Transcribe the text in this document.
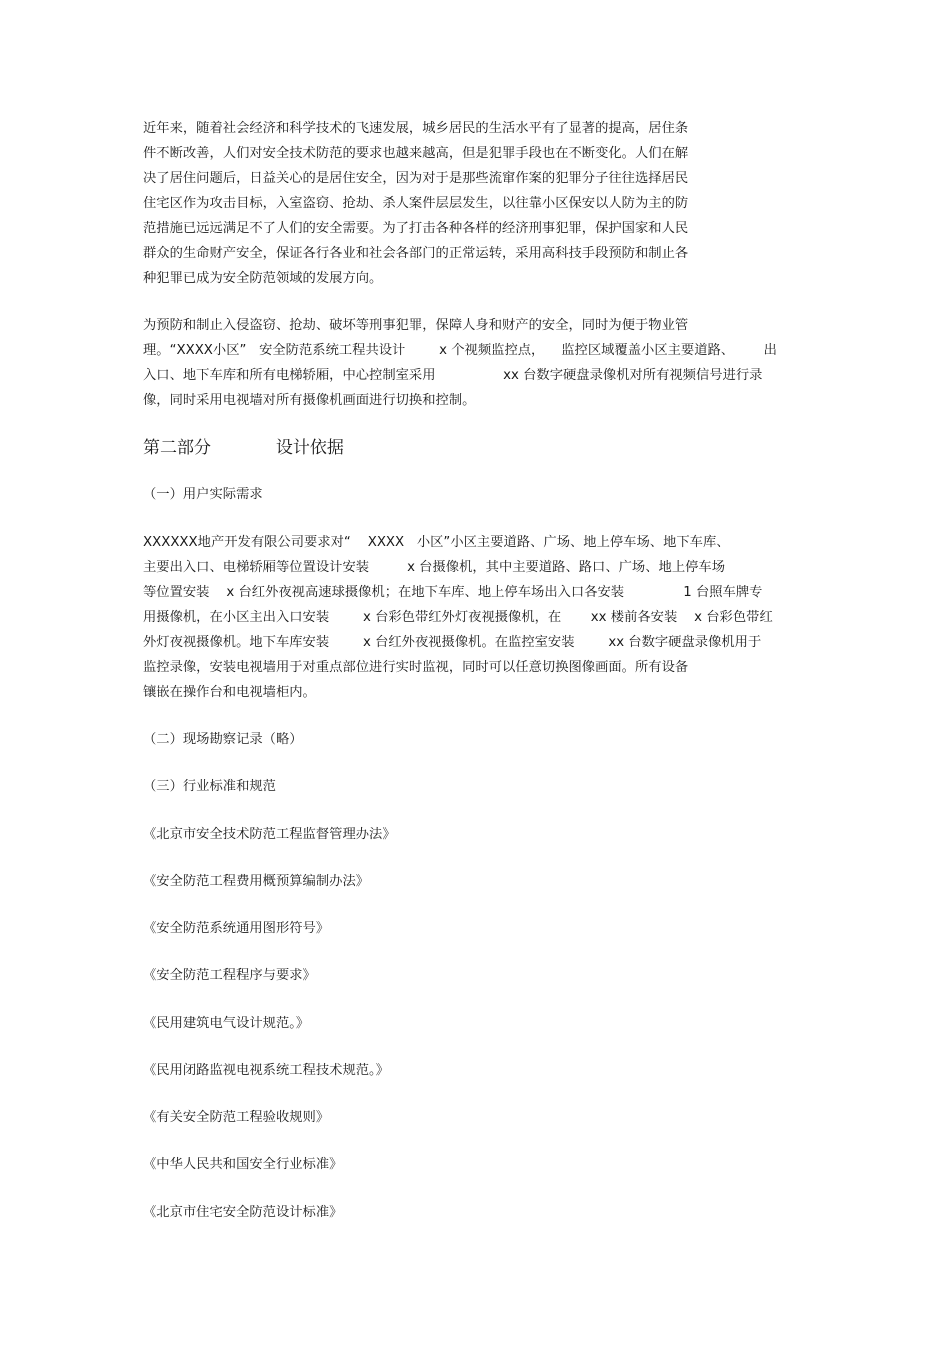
近年来，随着社会经济和科学技术的飞速发展，城乡居民的生活水平有了显著的提高，居住条

件不断改善，人们对安全技术防范的要求也越来越高，但是犯罪手段也在不断变化。人们在解

决了居住问题后，日益关心的是居住安全，因为对于是那些流窜作案的犯罪分子往往选择居民

住宅区作为攻击目标，入室盗窃、抢劫、杀人案件层层发生，以往靠小区保安以人防为主的防

范措施已远远满足不了人们的安全需要。为了打击各种各样的经济刑事犯罪，保护国家和人民

群众的生命财产安全，保证各行各业和社会各部门的正常运转，采用高科技手段预防和制止各

种犯罪已成为安全防范领域的发展方向。

为预防和制止入侵盗窃、抢劫、破坏等刑事犯罪，保障人身和财产的安全，同时为便于物业管

理。“XXXX小区”   安全防范系统工程共设计        x 个视频监控点，    监控区域覆盖小区主要道路、       出

入口、地下车库和所有电梯轿厢，中心控制室采用                xx 台数字硬盘录像机对所有视频信号进行录

像，同时采用电视墙对所有摄像机画面进行切换和控制。

第二部分            设计依据

（一）用户实际需求

XXXXXX地产开发有限公司要求对“    XXXX   小区”小区主要道路、广场、地上停车场、地下车库、

主要出入口、电梯轿厢等位置设计安装         x 台摄像机，其中主要道路、路口、广场、地上停车场

等位置安装    x 台红外夜视高速球摄像机；在地下车库、地上停车场出入口各安装              1 台照车牌专

用摄像机，在小区主出入口安装        x 台彩色带红外灯夜视摄像机，在       xx 楼前各安装    x 台彩色带红

外灯夜视摄像机。地下车库安装        x 台红外夜视摄像机。在监控室安装        xx 台数字硬盘录像机用于

监控录像，安装电视墙用于对重点部位进行实时监视，同时可以任意切换图像画面。所有设备

镶嵌在操作台和电视墙柜内。

（二）现场勘察记录（略）

（三）行业标准和规范

《北京市安全技术防范工程监督管理办法》

《安全防范工程费用概预算编制办法》

《安全防范系统通用图形符号》

《安全防范工程程序与要求》

《民用建筑电气设计规范。》

《民用闭路监视电视系统工程技术规范。》

《有关安全防范工程验收规则》

《中华人民共和国安全行业标准》

《北京市住宅安全防范设计标准》
